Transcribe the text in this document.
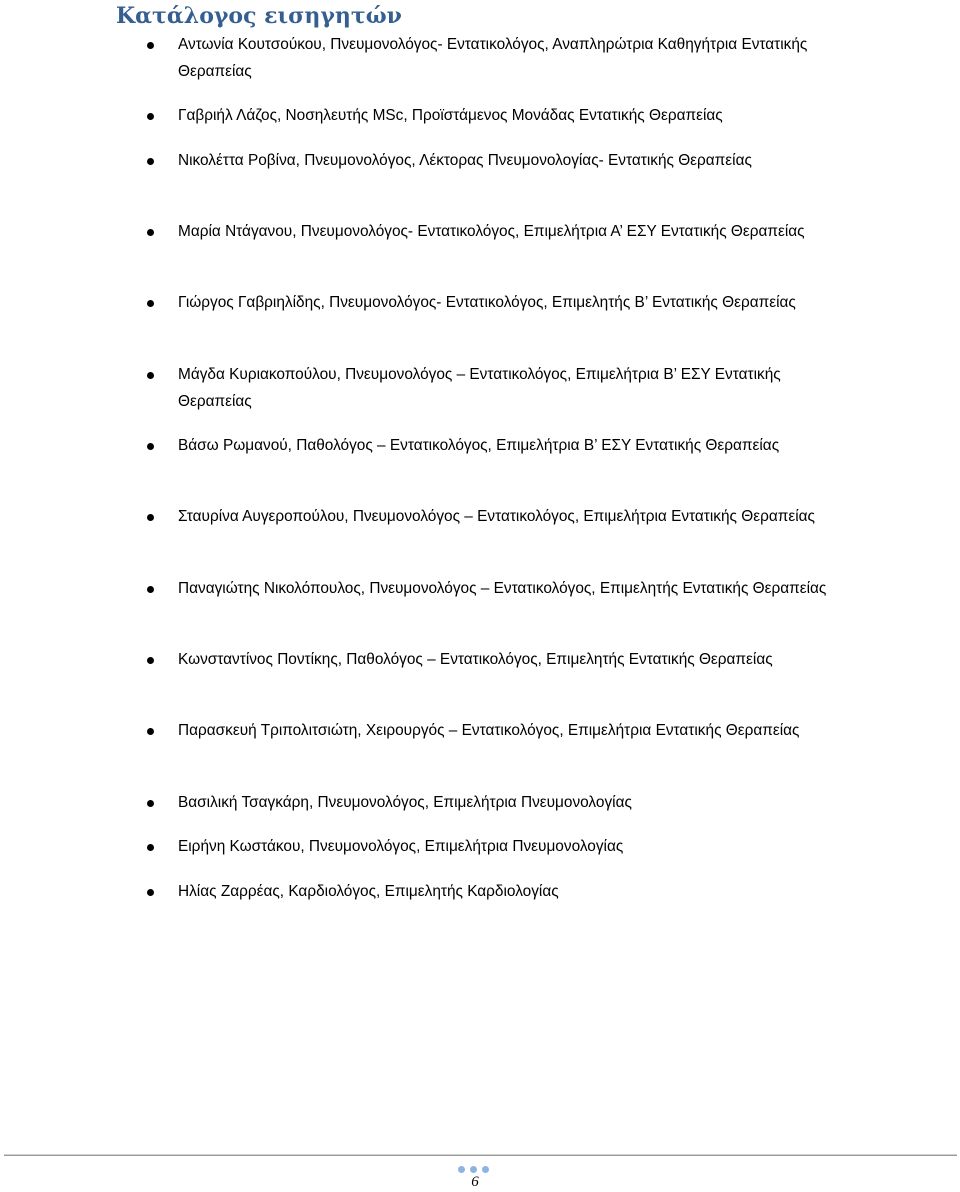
Κατάλογος εισηγητών
Αντωνία Κουτσούκου, Πνευμονολόγος- Εντατικολόγος, Αναπληρώτρια Καθηγήτρια Εντατικής Θεραπείας
Γαβριήλ Λάζος, Νοσηλευτής MSc, Προϊστάμενος Μονάδας Εντατικής Θεραπείας
Νικολέττα Ροβίνα, Πνευμονολόγος, Λέκτορας Πνευμονολογίας- Εντατικής Θεραπείας
Μαρία Ντάγανου, Πνευμονολόγος- Εντατικολόγος, Επιμελήτρια Α’ ΕΣΥ Εντατικής Θεραπείας
Γιώργος Γαβριηλίδης, Πνευμονολόγος- Εντατικολόγος, Επιμελητής Β’ Εντατικής Θεραπείας
Μάγδα Κυριακοπούλου, Πνευμονολόγος – Εντατικολόγος, Επιμελήτρια Β’ ΕΣΥ Εντατικής Θεραπείας
Βάσω Ρωμανού, Παθολόγος – Εντατικολόγος, Επιμελήτρια Β’ ΕΣΥ Εντατικής Θεραπείας
Σταυρίνα Αυγεροπούλου, Πνευμονολόγος – Εντατικολόγος, Επιμελήτρια Εντατικής Θεραπείας
Παναγιώτης Νικολόπουλος, Πνευμονολόγος – Εντατικολόγος, Επιμελητής Εντατικής Θεραπείας
Κωνσταντίνος Ποντίκης, Παθολόγος – Εντατικολόγος, Επιμελητής Εντατικής Θεραπείας
Παρασκευή Τριπολιτσιώτη, Χειρουργός – Εντατικολόγος, Επιμελήτρια Εντατικής Θεραπείας
Βασιλική Τσαγκάρη, Πνευμονολόγος, Επιμελήτρια Πνευμονολογίας
Ειρήνη Κωστάκου, Πνευμονολόγος, Επιμελήτρια Πνευμονολογίας
Ηλίας Ζαρρέας, Καρδιολόγος, Επιμελητής Καρδιολογίας
6
